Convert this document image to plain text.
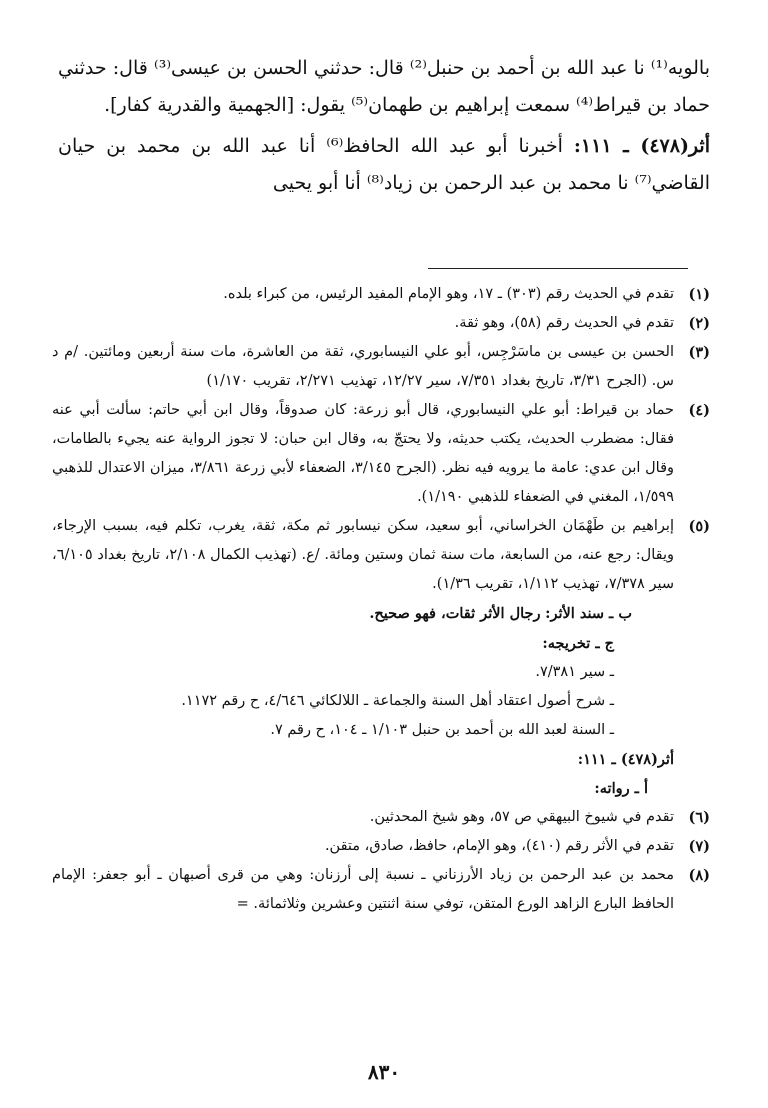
بالويه⁽¹⁾ نا عبد الله بن أحمد بن حنبل⁽²⁾ قال: حدثني الحسن بن عيسى⁽³⁾ قال: حدثني حماد بن قيراط⁽⁴⁾ سمعت إبراهيم بن طهمان⁽⁵⁾ يقول: [الجهمية والقدرية كفار].

أثر(٤٧٨) ـ ١١١: أخبرنا أبو عبد الله الحافظ⁽⁶⁾ أنا عبد الله بن محمد بن حيان القاضي⁽⁷⁾ نا محمد بن عبد الرحمن بن زياد⁽⁸⁾ أنا أبو يحيى

(١)
تقدم في الحديث رقم (٣٠٣) ـ ١٧، وهو الإمام المفيد الرئيس، من كبراء بلده.
(٢)
تقدم في الحديث رقم (٥٨)، وهو ثقة.
(٣)
الحسن بن عيسى بن ماسَرْجِس، أبو علي النيسابوري، ثقة من العاشرة، مات سنة أربعين ومائتين. /م د س. (الجرح ٣/٣١، تاريخ بغداد ٧/٣٥١، سير ١٢/٢٧، تهذيب ٢/٢٧١، تقريب ١/١٧٠)
(٤)
حماد بن قيراط: أبو علي النيسابوري، قال أبو زرعة: كان صدوقاً، وقال ابن أبي حاتم: سألت أبي عنه فقال: مضطرب الحديث، يكتب حديثه، ولا يحتجّ به، وقال ابن حبان: لا تجوز الرواية عنه يجيء بالطامات، وقال ابن عدي: عامة ما يرويه فيه نظر. (الجرح ٣/١٤٥، الضعفاء لأبي زرعة ٣/٨٦١، ميزان الاعتدال للذهبي ١/٥٩٩، المغني في الضعفاء للذهبي ١/١٩٠).
(٥)
إبراهيم بن طَهْمَان الخراساني، أبو سعيد، سكن نيسابور ثم مكة، ثقة، يغرب، تكلم فيه، بسبب الإرجاء، ويقال: رجع عنه، من السابعة، مات سنة ثمان وستين ومائة. /ع. (تهذيب الكمال ٢/١٠٨، تاريخ بغداد ٦/١٠٥، سير ٧/٣٧٨، تهذيب ١/١١٢، تقريب ١/٣٦).
ب ـ سند الأثر: رجال الأثر ثقات، فهو صحيح.
ج ـ تخريجه:
ـ سير ٧/٣٨١.
ـ شرح أصول اعتقاد أهل السنة والجماعة ـ اللالكائي ٤/٦٤٦، ح رقم ١١٧٢.
ـ السنة لعبد الله بن أحمد بن حنبل ١/١٠٣ ـ ١٠٤، ح رقم ٧.
أثر(٤٧٨) ـ ١١١:
أ ـ رواته:
(٦)
تقدم في شيوخ البيهقي ص ٥٧، وهو شيخ المحدثين.
(٧)
تقدم في الأثر رقم (٤١٠)، وهو الإمام، حافظ، صادق، متقن.
(٨)
محمد بن عبد الرحمن بن زياد الأرزناني ـ نسبة إلى أرزنان: وهي من قرى أصبهان ـ أبو جعفر: الإمام الحافظ البارع الزاهد الورع المتقن، توفي سنة اثنتين وعشرين وثلاثمائة. =
٨٣٠
